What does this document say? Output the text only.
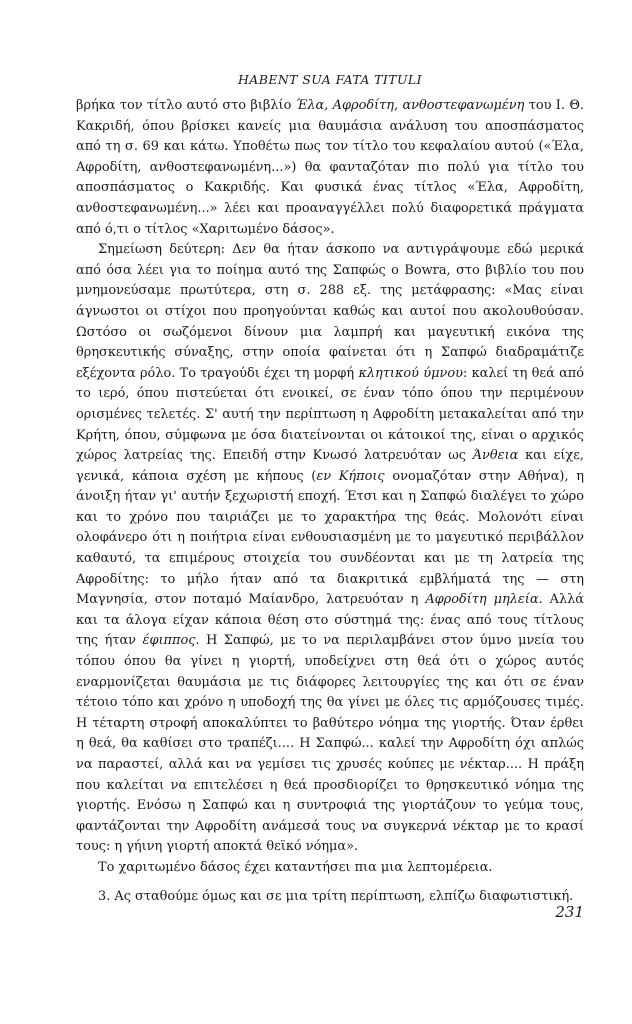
HABENT SUA FATA TITULI

βρήκα τον τίτλο αυτό στο βιβλίο Έλα, Αφροδίτη, ανθοστεφανωμένη του Ι. Θ. Κακριδή, όπου βρίσκει κανείς μια θαυμάσια ανάλυση του αποσπάσματος από τη σ. 69 και κάτω. Υποθέτω πως τον τίτλο του κεφαλαίου αυτού («Έλα, Αφροδίτη, ανθοστεφανωμένη...») θα φανταζόταν πιο πολύ για τίτλο του αποσπάσματος ο Κακριδής. Και φυσικά ένας τίτλος «Έλα, Αφροδίτη, ανθοστεφανωμένη...» λέει και προαναγγέλλει πολύ διαφορετικά πράγματα από ό,τι ο τίτλος «Χαριτωμένο δάσος».

Σημείωση δεύτερη: Δεν θα ήταν άσκοπο να αντιγράψουμε εδώ μερικά από όσα λέει για το ποίημα αυτό της Σαπφώς ο Bowra, στο βιβλίο του που μνημονεύσαμε πρωτύτερα, στη σ. 288 εξ. της μετάφρασης: «Μας είναι άγνωστοι οι στίχοι που προηγούνται καθώς και αυτοί που ακολουθούσαν. Ωστόσο οι σωζόμενοι δίνουν μια λαμπρή και μαγευτική εικόνα της θρησκευτικής σύναξης, στην οποία φαίνεται ότι η Σαπφώ διαδραμάτιζε εξέχοντα ρόλο. Το τραγούδι έχει τη μορφή κλητικού ύμνου: καλεί τη θεά από το ιερό, όπου πιστεύεται ότι ενοικεί, σε έναν τόπο όπου την περιμένουν ορισμένες τελετές. Σ' αυτή την περίπτωση η Αφροδίτη μετακαλείται από την Κρήτη, όπου, σύμφωνα με όσα διατείνονται οι κάτοικοί της, είναι ο αρχικός χώρος λατρείας της. Επειδή στην Κνωσό λατρευόταν ως Άνθεια και είχε, γενικά, κάποια σχέση με κήπους (εν Κήποις ονομαζόταν στην Αθήνα), η άνοιξη ήταν γι' αυτήν ξεχωριστή εποχή. Έτσι και η Σαπφώ διαλέγει το χώρο και το χρόνο που ταιριάζει με το χαρακτήρα της θεάς. Μολονότι είναι ολοφάνερο ότι η ποιήτρια είναι ενθουσιασμένη με το μαγευτικό περιβάλλον καθαυτό, τα επιμέρους στοιχεία του συνδέονται και με τη λατρεία της Αφροδίτης: το μήλο ήταν από τα διακριτικά εμβλήματά της — στη Μαγνησία, στον ποταμό Μαίανδρο, λατρευόταν η Αφροδίτη μηλεία. Αλλά και τα άλογα είχαν κάποια θέση στο σύστημά της: ένας από τους τίτλους της ήταν έφιππος. Η Σαπφώ, με το να περιλαμβάνει στον ύμνο μνεία του τόπου όπου θα γίνει η γιορτή, υποδείχνει στη θεά ότι ο χώρος αυτός εναρμονίζεται θαυμάσια με τις διάφορες λειτουργίες της και ότι σε έναν τέτοιο τόπο και χρόνο η υποδοχή της θα γίνει με όλες τις αρμόζουσες τιμές. Η τέταρτη στροφή αποκαλύπτει το βαθύτερο νόημα της γιορτής. Όταν έρθει η θεά, θα καθίσει στο τραπέζι.... Η Σαπφώ... καλεί την Αφροδίτη όχι απλώς να παραστεί, αλλά και να γεμίσει τις χρυσές κούπες με νέκταρ.... Η πράξη που καλείται να επιτελέσει η θεά προσδιορίζει το θρησκευτικό νόημα της γιορτής. Ενόσω η Σαπφώ και η συντροφιά της γιορτάζουν το γεύμα τους, φαντάζονται την Αφροδίτη ανάμεσά τους να συγκερνά νέκταρ με το κρασί τους: η γήινη γιορτή αποκτά θεϊκό νόημα».

Το χαριτωμένο δάσος έχει καταντήσει πια μια λεπτομέρεια.

3. Ας σταθούμε όμως και σε μια τρίτη περίπτωση, ελπίζω διαφωτιστική.

231
